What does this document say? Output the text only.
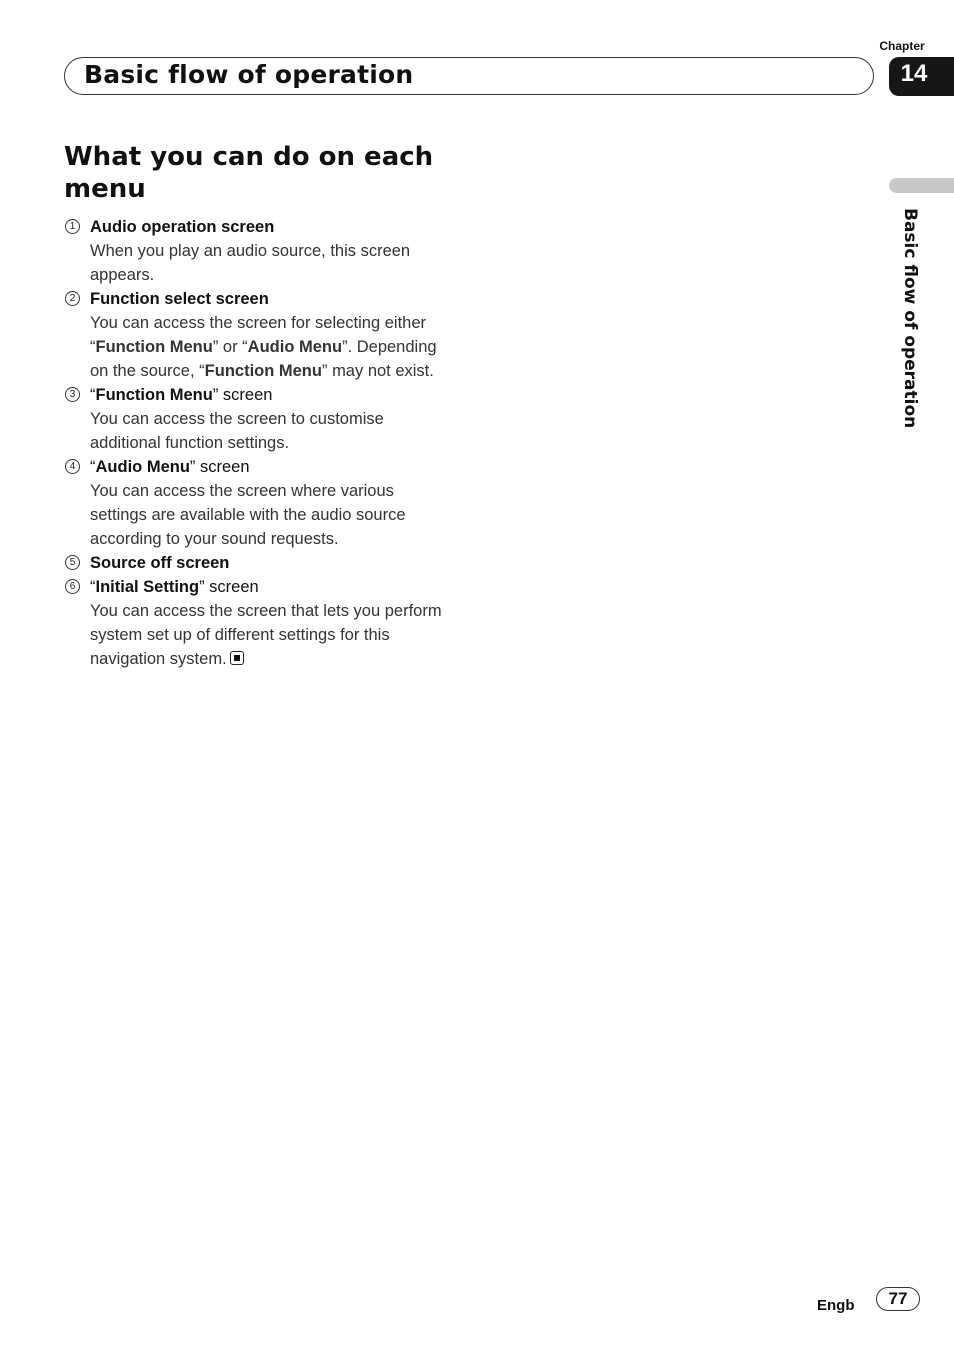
Chapter
14
Basic flow of operation
Basic flow of operation
What you can do on each menu
1 Audio operation screen
When you play an audio source, this screen appears.
2 Function select screen
You can access the screen for selecting either “Function Menu” or “Audio Menu”. Depending on the source, “Function Menu” may not exist.
3 “Function Menu” screen
You can access the screen to customise additional function settings.
4 “Audio Menu” screen
You can access the screen where various settings are available with the audio source according to your sound requests.
5 Source off screen
6 “Initial Setting” screen
You can access the screen that lets you perform system set up of different settings for this navigation system.
Engb	77
